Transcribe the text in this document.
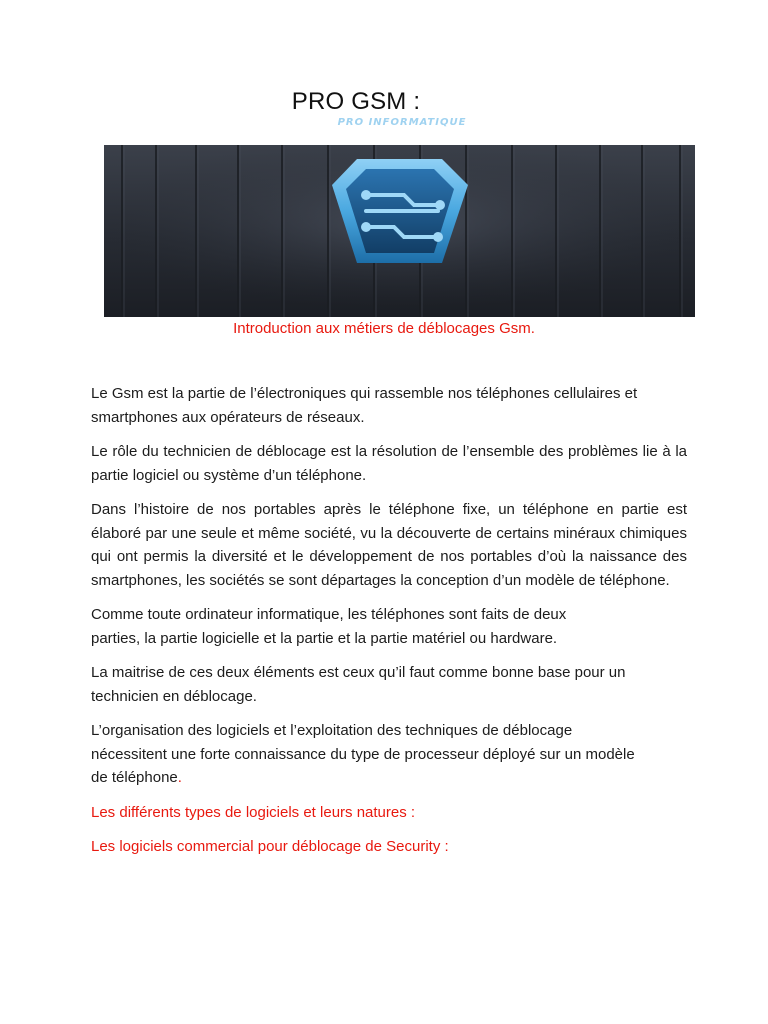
PRO GSM :
PRO INFORMATIQUE
Introduction aux métiers de déblocages Gsm.

Le Gsm est la partie de l’électroniques qui rassemble nos téléphones cellulaires et smartphones aux opérateurs de réseaux.

Le rôle du technicien de déblocage est la résolution de l’ensemble des problèmes lie à la partie logiciel ou système d’un téléphone.

Dans l’histoire de nos portables après le téléphone fixe, un téléphone en partie est élaboré par une seule et même société, vu la découverte de certains minéraux chimiques qui ont permis la diversité et le développement de nos portables d’où la naissance des smartphones, les sociétés se sont départages la conception d’un modèle de téléphone.

Comme toute ordinateur informatique, les téléphones sont faits de deux parties, la partie logicielle et la partie et la partie matériel ou hardware.

La maitrise de ces deux éléments est ceux qu’il faut comme bonne base pour un technicien en déblocage.

L’organisation des logiciels et l’exploitation des techniques de déblocage nécessitent une forte connaissance du type de processeur déployé sur un modèle de téléphone.

Les différents types de logiciels et leurs natures :

Les logiciels commercial pour déblocage de Security :
